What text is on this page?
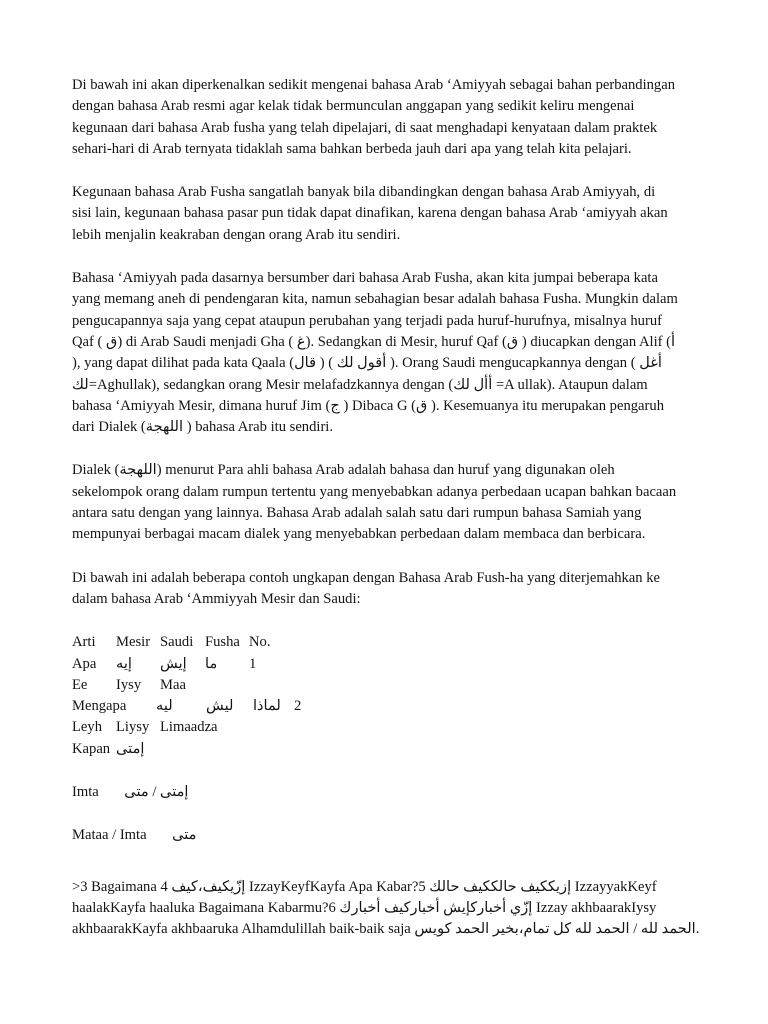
Di bawah ini akan diperkenalkan sedikit mengenai bahasa Arab ‘Amiyyah sebagai bahan perbandingan
dengan bahasa Arab resmi agar kelak tidak bermunculan anggapan yang sedikit keliru mengenai
kegunaan dari bahasa Arab fusha yang telah dipelajari, di saat menghadapi kenyataan dalam praktek
sehari-hari di Arab ternyata tidaklah sama bahkan berbeda jauh dari apa yang telah kita pelajari.
Kegunaan bahasa Arab Fusha sangatlah banyak bila dibandingkan dengan bahasa Arab Amiyyah, di
sisi lain, kegunaan bahasa pasar pun tidak dapat dinafikan, karena dengan bahasa Arab ‘amiyyah akan
lebih menjalin keakraban dengan orang Arab itu sendiri.
Bahasa ‘Amiyyah pada dasarnya bersumber dari bahasa Arab Fusha, akan kita jumpai beberapa kata
yang memang aneh di pendengaran kita, namun sebahagian besar adalah bahasa Fusha. Mungkin dalam
pengucapannya saja yang cepat ataupun perubahan yang terjadi pada huruf-hurufnya, misalnya huruf
Qaf ( ق) di Arab Saudi menjadi Gha ( غ). Sedangkan di Mesir, huruf Qaf (ق ) diucapkan dengan Alif (أ
), yang dapat dilihat pada kata Qaala (قال ) ( أقول لك ). Orang Saudi mengucapkannya dengan ( أغل
لك=Aghullak), sedangkan orang Mesir melafadzkannya dengan (أأل لك =A ullak). Ataupun dalam
bahasa ‘Amiyyah Mesir, dimana huruf Jim (ج ) Dibaca G (ق ). Kesemuanya itu merupakan pengaruh
dari Dialek (اللهجة ) bahasa Arab itu sendiri.
Dialek (اللهجة) menurut Para ahli bahasa Arab adalah bahasa dan huruf yang digunakan oleh
sekelompok orang dalam rumpun tertentu yang menyebabkan adanya perbedaan ucapan bahkan bacaan
antara satu dengan yang lainnya. Bahasa Arab adalah salah satu dari rumpun bahasa Samiah yang
mempunyai berbagai macam dialek yang menyebabkan perbedaan dalam membaca dan berbicara.
Di bawah ini adalah beberapa contoh ungkapan dengan Bahasa Arab Fush-ha yang diterjemahkan ke
dalam bahasa Arab ‘Ammiyyah Mesir dan Saudi:
Arti Mesir Saudi Fusha No.
Apa إيه إيش ما 1
Ee Iysy Maa
Mengapa ليه ليش لماذا 2
Leyh Liysy Limaadza
Kapan إمتى
Imta       إمتى / متى
Mataa / Imta       متى
>3 Bagaimana 4 إزّيكيف،كيف IzzayKeyfKayfa Apa Kabar?5 إزيككيف حالككيف حالك IzzayyakKeyf
haalakKayfa haaluka Bagaimana Kabarmu?6 إزّي أخباركإيش أخباركيف أخبارك Izzay akhbaarakIysy
akhbaarakKayfa akhbaaruka Alhamdulillah baik-baik saja الحمد لله / الحمد لله كل تمام،بخير الحمد كويس.
